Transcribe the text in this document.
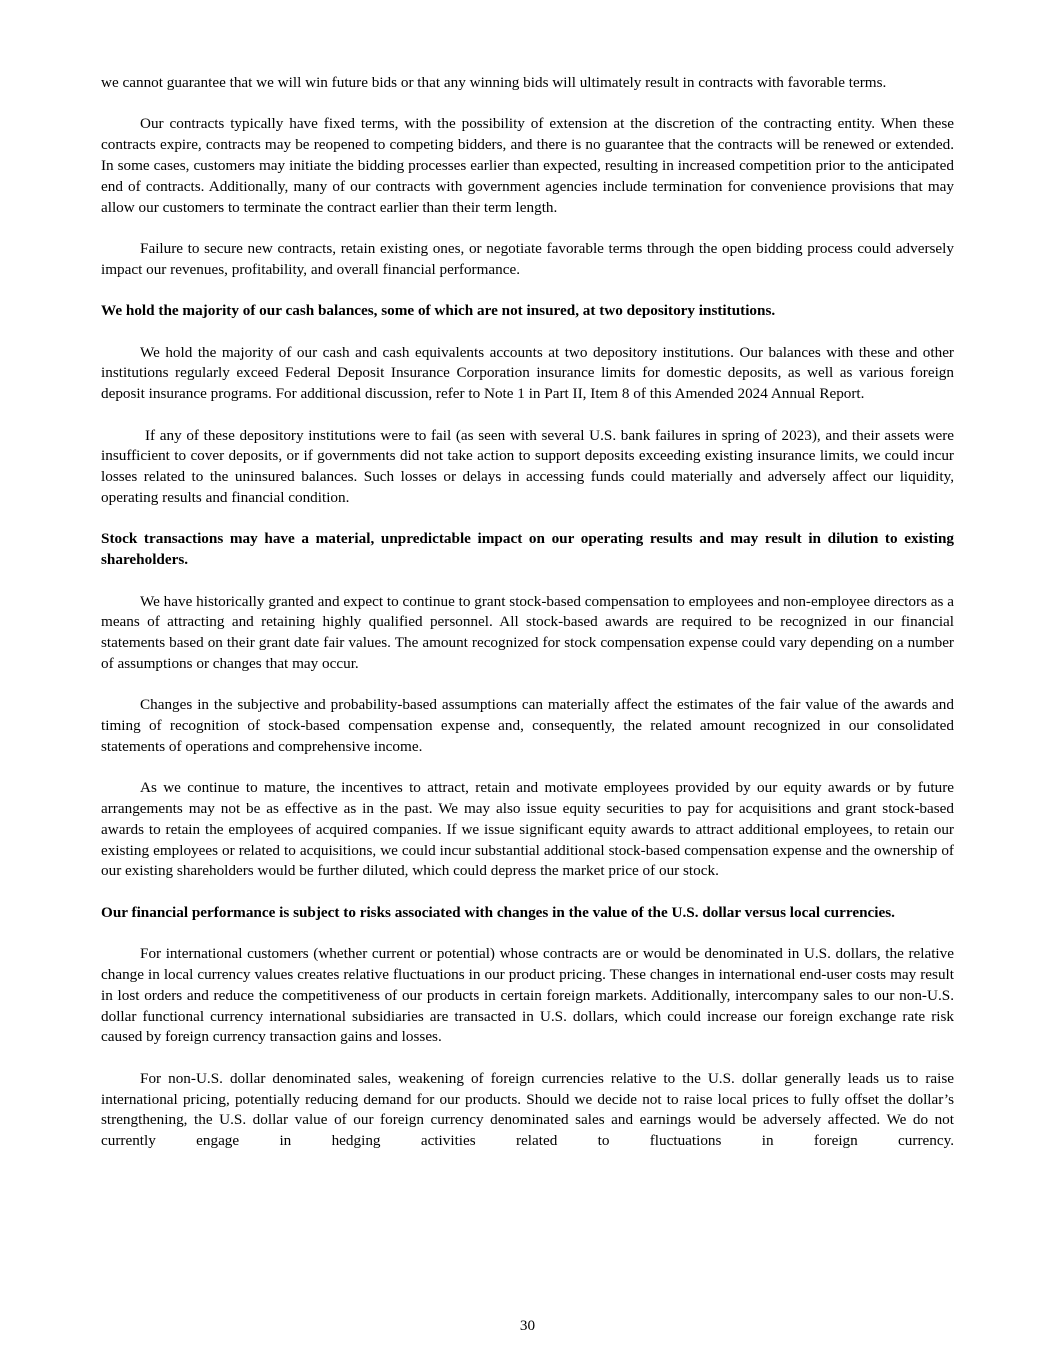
we cannot guarantee that we will win future bids or that any winning bids will ultimately result in contracts with favorable terms.

Our contracts typically have fixed terms, with the possibility of extension at the discretion of the contracting entity. When these contracts expire, contracts may be reopened to competing bidders, and there is no guarantee that the contracts will be renewed or extended. In some cases, customers may initiate the bidding processes earlier than expected, resulting in increased competition prior to the anticipated end of contracts. Additionally, many of our contracts with government agencies include termination for convenience provisions that may allow our customers to terminate the contract earlier than their term length.

Failure to secure new contracts, retain existing ones, or negotiate favorable terms through the open bidding process could adversely impact our revenues, profitability, and overall financial performance.

We hold the majority of our cash balances, some of which are not insured, at two depository institutions.

We hold the majority of our cash and cash equivalents accounts at two depository institutions. Our balances with these and other institutions regularly exceed Federal Deposit Insurance Corporation insurance limits for domestic deposits, as well as various foreign deposit insurance programs. For additional discussion, refer to Note 1 in Part II, Item 8 of this Amended 2024 Annual Report.

If any of these depository institutions were to fail (as seen with several U.S. bank failures in spring of 2023), and their assets were insufficient to cover deposits, or if governments did not take action to support deposits exceeding existing insurance limits, we could incur losses related to the uninsured balances. Such losses or delays in accessing funds could materially and adversely affect our liquidity, operating results and financial condition.

Stock transactions may have a material, unpredictable impact on our operating results and may result in dilution to existing shareholders.

We have historically granted and expect to continue to grant stock-based compensation to employees and non-employee directors as a means of attracting and retaining highly qualified personnel. All stock-based awards are required to be recognized in our financial statements based on their grant date fair values. The amount recognized for stock compensation expense could vary depending on a number of assumptions or changes that may occur.

Changes in the subjective and probability-based assumptions can materially affect the estimates of the fair value of the awards and timing of recognition of stock-based compensation expense and, consequently, the related amount recognized in our consolidated statements of operations and comprehensive income.

As we continue to mature, the incentives to attract, retain and motivate employees provided by our equity awards or by future arrangements may not be as effective as in the past. We may also issue equity securities to pay for acquisitions and grant stock-based awards to retain the employees of acquired companies. If we issue significant equity awards to attract additional employees, to retain our existing employees or related to acquisitions, we could incur substantial additional stock-based compensation expense and the ownership of our existing shareholders would be further diluted, which could depress the market price of our stock.

Our financial performance is subject to risks associated with changes in the value of the U.S. dollar versus local currencies.

For international customers (whether current or potential) whose contracts are or would be denominated in U.S. dollars, the relative change in local currency values creates relative fluctuations in our product pricing. These changes in international end-user costs may result in lost orders and reduce the competitiveness of our products in certain foreign markets. Additionally, intercompany sales to our non-U.S. dollar functional currency international subsidiaries are transacted in U.S. dollars, which could increase our foreign exchange rate risk caused by foreign currency transaction gains and losses.

For non-U.S. dollar denominated sales, weakening of foreign currencies relative to the U.S. dollar generally leads us to raise international pricing, potentially reducing demand for our products. Should we decide not to raise local prices to fully offset the dollar’s strengthening, the U.S. dollar value of our foreign currency denominated sales and earnings would be adversely affected. We do not currently engage in hedging activities related to fluctuations in foreign currency.

30
